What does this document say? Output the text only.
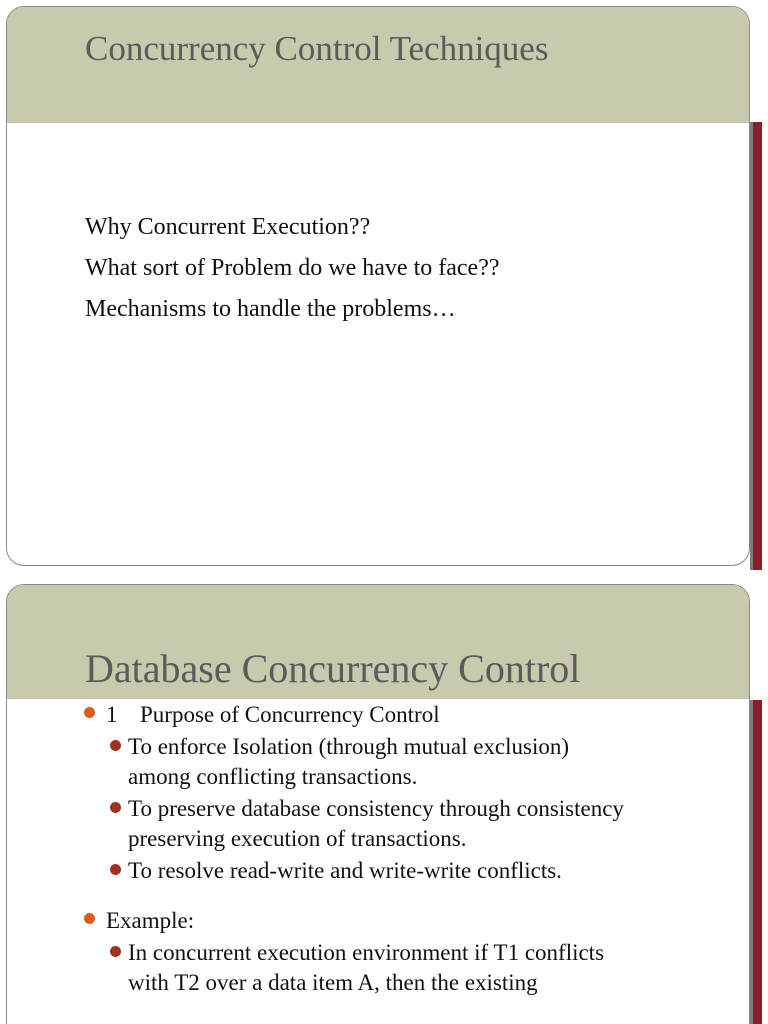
Concurrency Control Techniques
Why Concurrent Execution??
What sort of Problem do we have to face??
Mechanisms to handle the problems…
Database Concurrency Control
1 Purpose of Concurrency Control
To enforce Isolation (through mutual exclusion)
among conflicting transactions.
To preserve database consistency through consistency
preserving execution of transactions.
To resolve read-write and write-write conflicts.
Example:
In concurrent execution environment if T1 conflicts
with T2 over a data item A, then the existing
